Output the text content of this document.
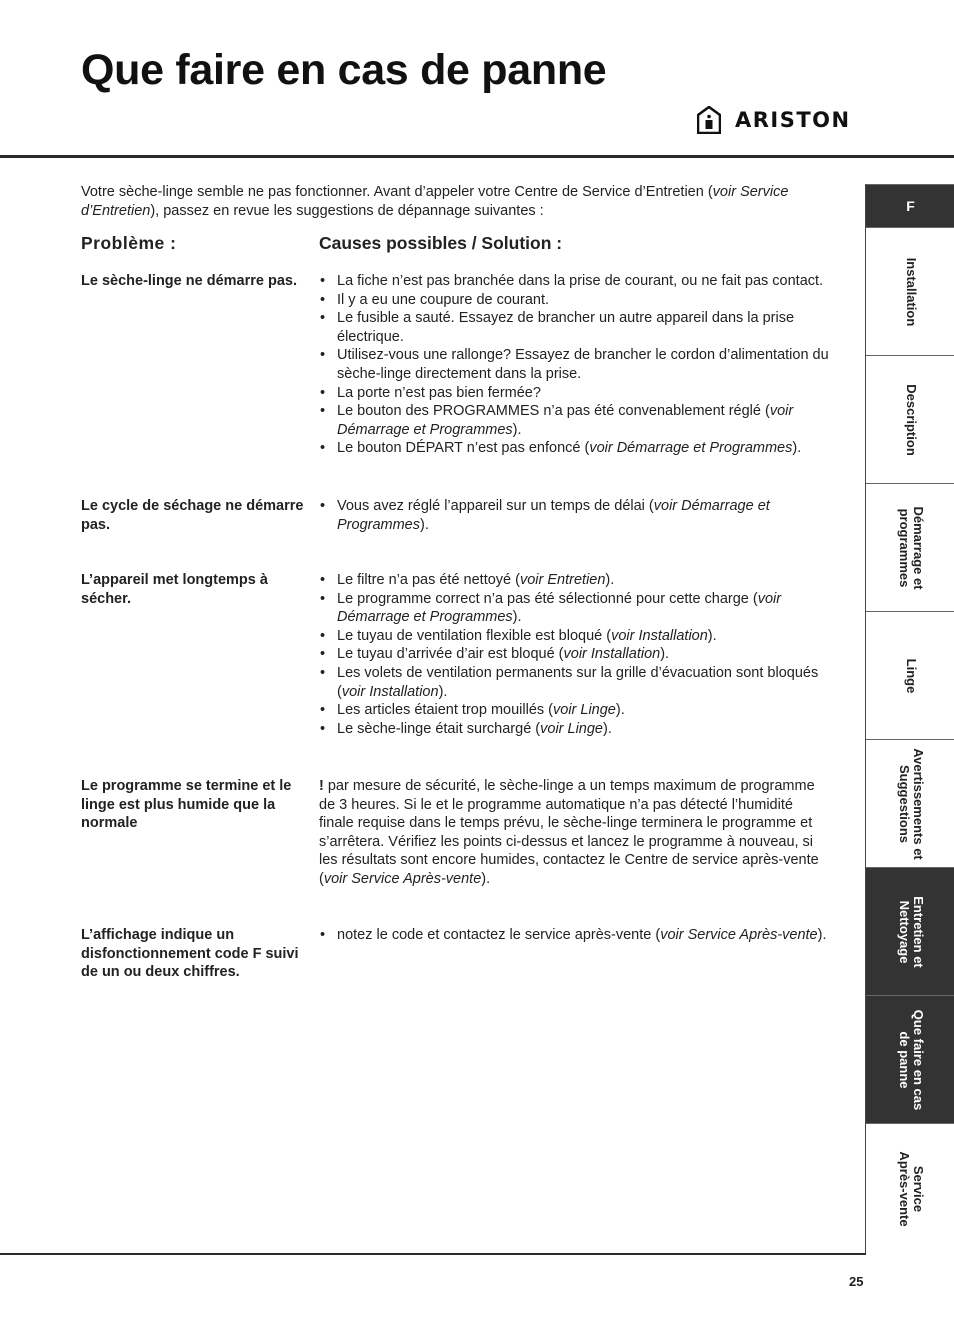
Que faire en cas de panne
ARISTON
F
Installation
Description
Démarrage et
programmes
Linge
Avertissements et
Suggestions
Entretien et
Nettoyage
Que faire en cas
de panne
Service
Après-vente

Votre sèche-linge semble ne pas fonctionner. Avant d’appeler votre Centre de Service d’Entretien (voir Service d’Entretien), passez en revue les suggestions de dépannage suivantes :

Problème :	Causes possibles / Solution :

Le sèche-linge ne démarre pas.

•	La fiche n’est pas branchée dans la prise de courant, ou ne fait pas contact.
• Il y a eu une coupure de courant.
• Le fusible a sauté. Essayez de brancher un autre appareil dans la prise électrique.
• Utilisez-vous une rallonge? Essayez de brancher le cordon d’alimentation du sèche-linge directement dans la prise.
• La porte n’est pas bien fermée?
• Le bouton des PROGRAMMES n’a pas été convenablement réglé (voir Démarrage et Programmes).
• Le bouton DÉPART n’est pas enfoncé (voir Démarrage et Programmes).

Le cycle de séchage ne démarre pas.

• Vous avez réglé l’appareil sur un temps de délai (voir Démarrage et Programmes).

L’appareil met longtemps à sécher.

• Le filtre n’a pas été nettoyé (voir Entretien).
• Le programme correct n’a pas été sélectionné pour cette charge (voir Démarrage et Programmes).
• Le tuyau de ventilation flexible est bloqué (voir Installation).
• Le tuyau d’arrivée d’air est bloqué (voir Installation).
• Les volets de ventilation permanents sur la grille d’évacuation sont bloqués (voir Installation).
• Les articles étaient trop mouillés (voir Linge).
• Le sèche-linge était surchargé (voir Linge).

Le programme se termine et le linge est plus humide que la normale

! par mesure de sécurité, le sèche-linge a un temps maximum de programme de 3 heures. Si le et le programme automatique n’a pas détecté l’humidité finale requise dans le temps prévu, le sèche-linge terminera le programme et s’arrêtera. Vérifiez les points ci-dessus et lancez le programme à nouveau, si les résultats sont encore humides, contactez le Centre de service après-vente (voir Service Après-vente).

L’affichage indique un disfonctionnement code F suivi de un ou deux chiffres.

• notez le code et contactez le service après-vente (voir Service Après-vente).
25
